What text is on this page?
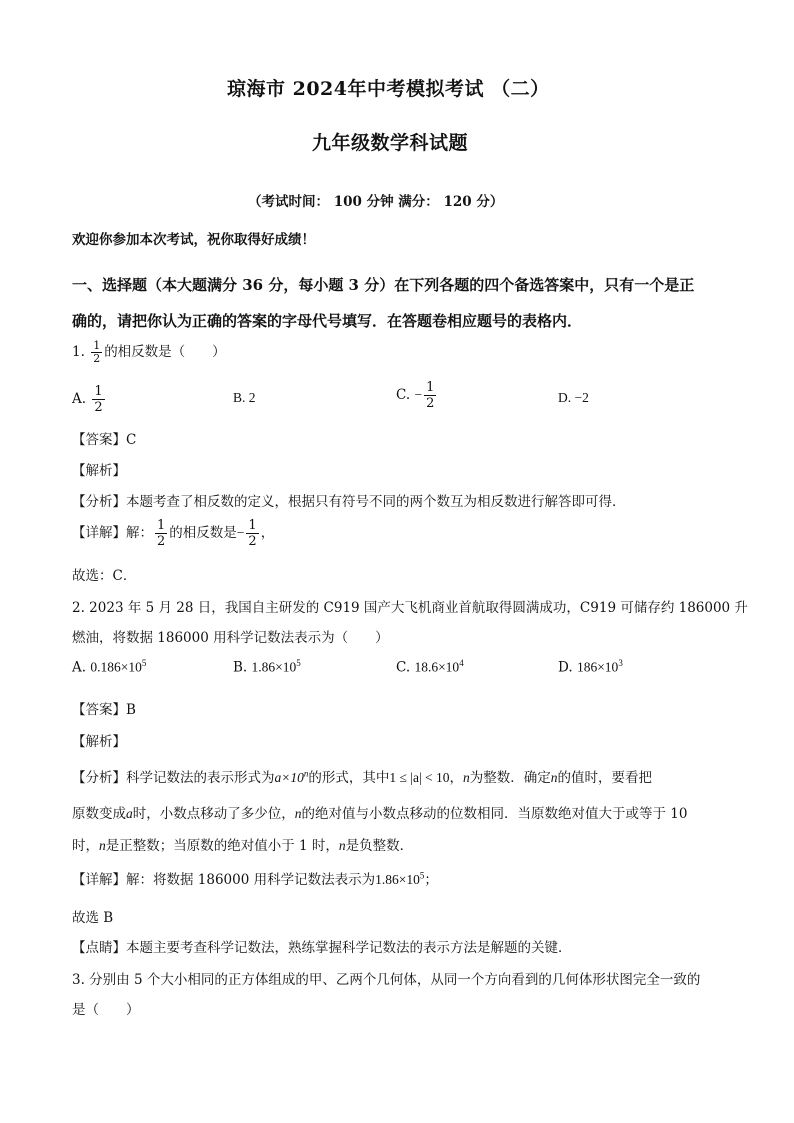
琼海市 2024年中考模拟考试 （二）
九年级数学科试题
（考试时间： 100 分钟 满分： 120 分）
欢迎你参加本次考试，祝你取得好成绩！
一、选择题（本大题满分 36 分，每小题 3 分）在下列各题的四个备选答案中，只有一个是正
确的，请把你认为正确的答案的字母代号填写．在答题卷相应题号的表格内．
1. $\frac{1}{2}$ 的相反数是（　　）
A. $\frac{1}{2}$	B. 2	C. − $\frac{1}{2}$	D. −2
【答案】C
【解析】
【分析】本题考查了相反数的定义，根据只有符号不同的两个数互为相反数进行解答即可得．
【详解】解： $\frac{1}{2}$ 的相反数是− $\frac{1}{2}$ ，
故选：C．
2. 2023 年 5 月 28 日，我国自主研发的 C919 国产大飞机商业首航取得圆满成功，C919 可储存约 186000 升
燃油，将数据 186000 用科学记数法表示为（　　）
A. $0.186\times 10^5$	B. $1.86\times 10^5$	C. $18.6\times 10^4$	D. $186\times 10^3$
【答案】B
【解析】
【分析】科学记数法的表示形式为$a\times 10^n$的形式，其中1 ≤ |a| < 10，n为整数．确定n的值时，要看把
原数变成a时，小数点移动了多少位，n的绝对值与小数点移动的位数相同．当原数绝对值大于或等于 10
时，n是正整数；当原数的绝对值小于 1 时，n是负整数．
【详解】解：将数据 186000 用科学记数法表示为$1.86\times 10^5$；
故选 B
【点睛】本题主要考查科学记数法，熟练掌握科学记数法的表示方法是解题的关键．
3. 分别由 5 个大小相同的正方体组成的甲、乙两个几何体，从同一个方向看到的几何体形状图完全一致的
是（　　）
